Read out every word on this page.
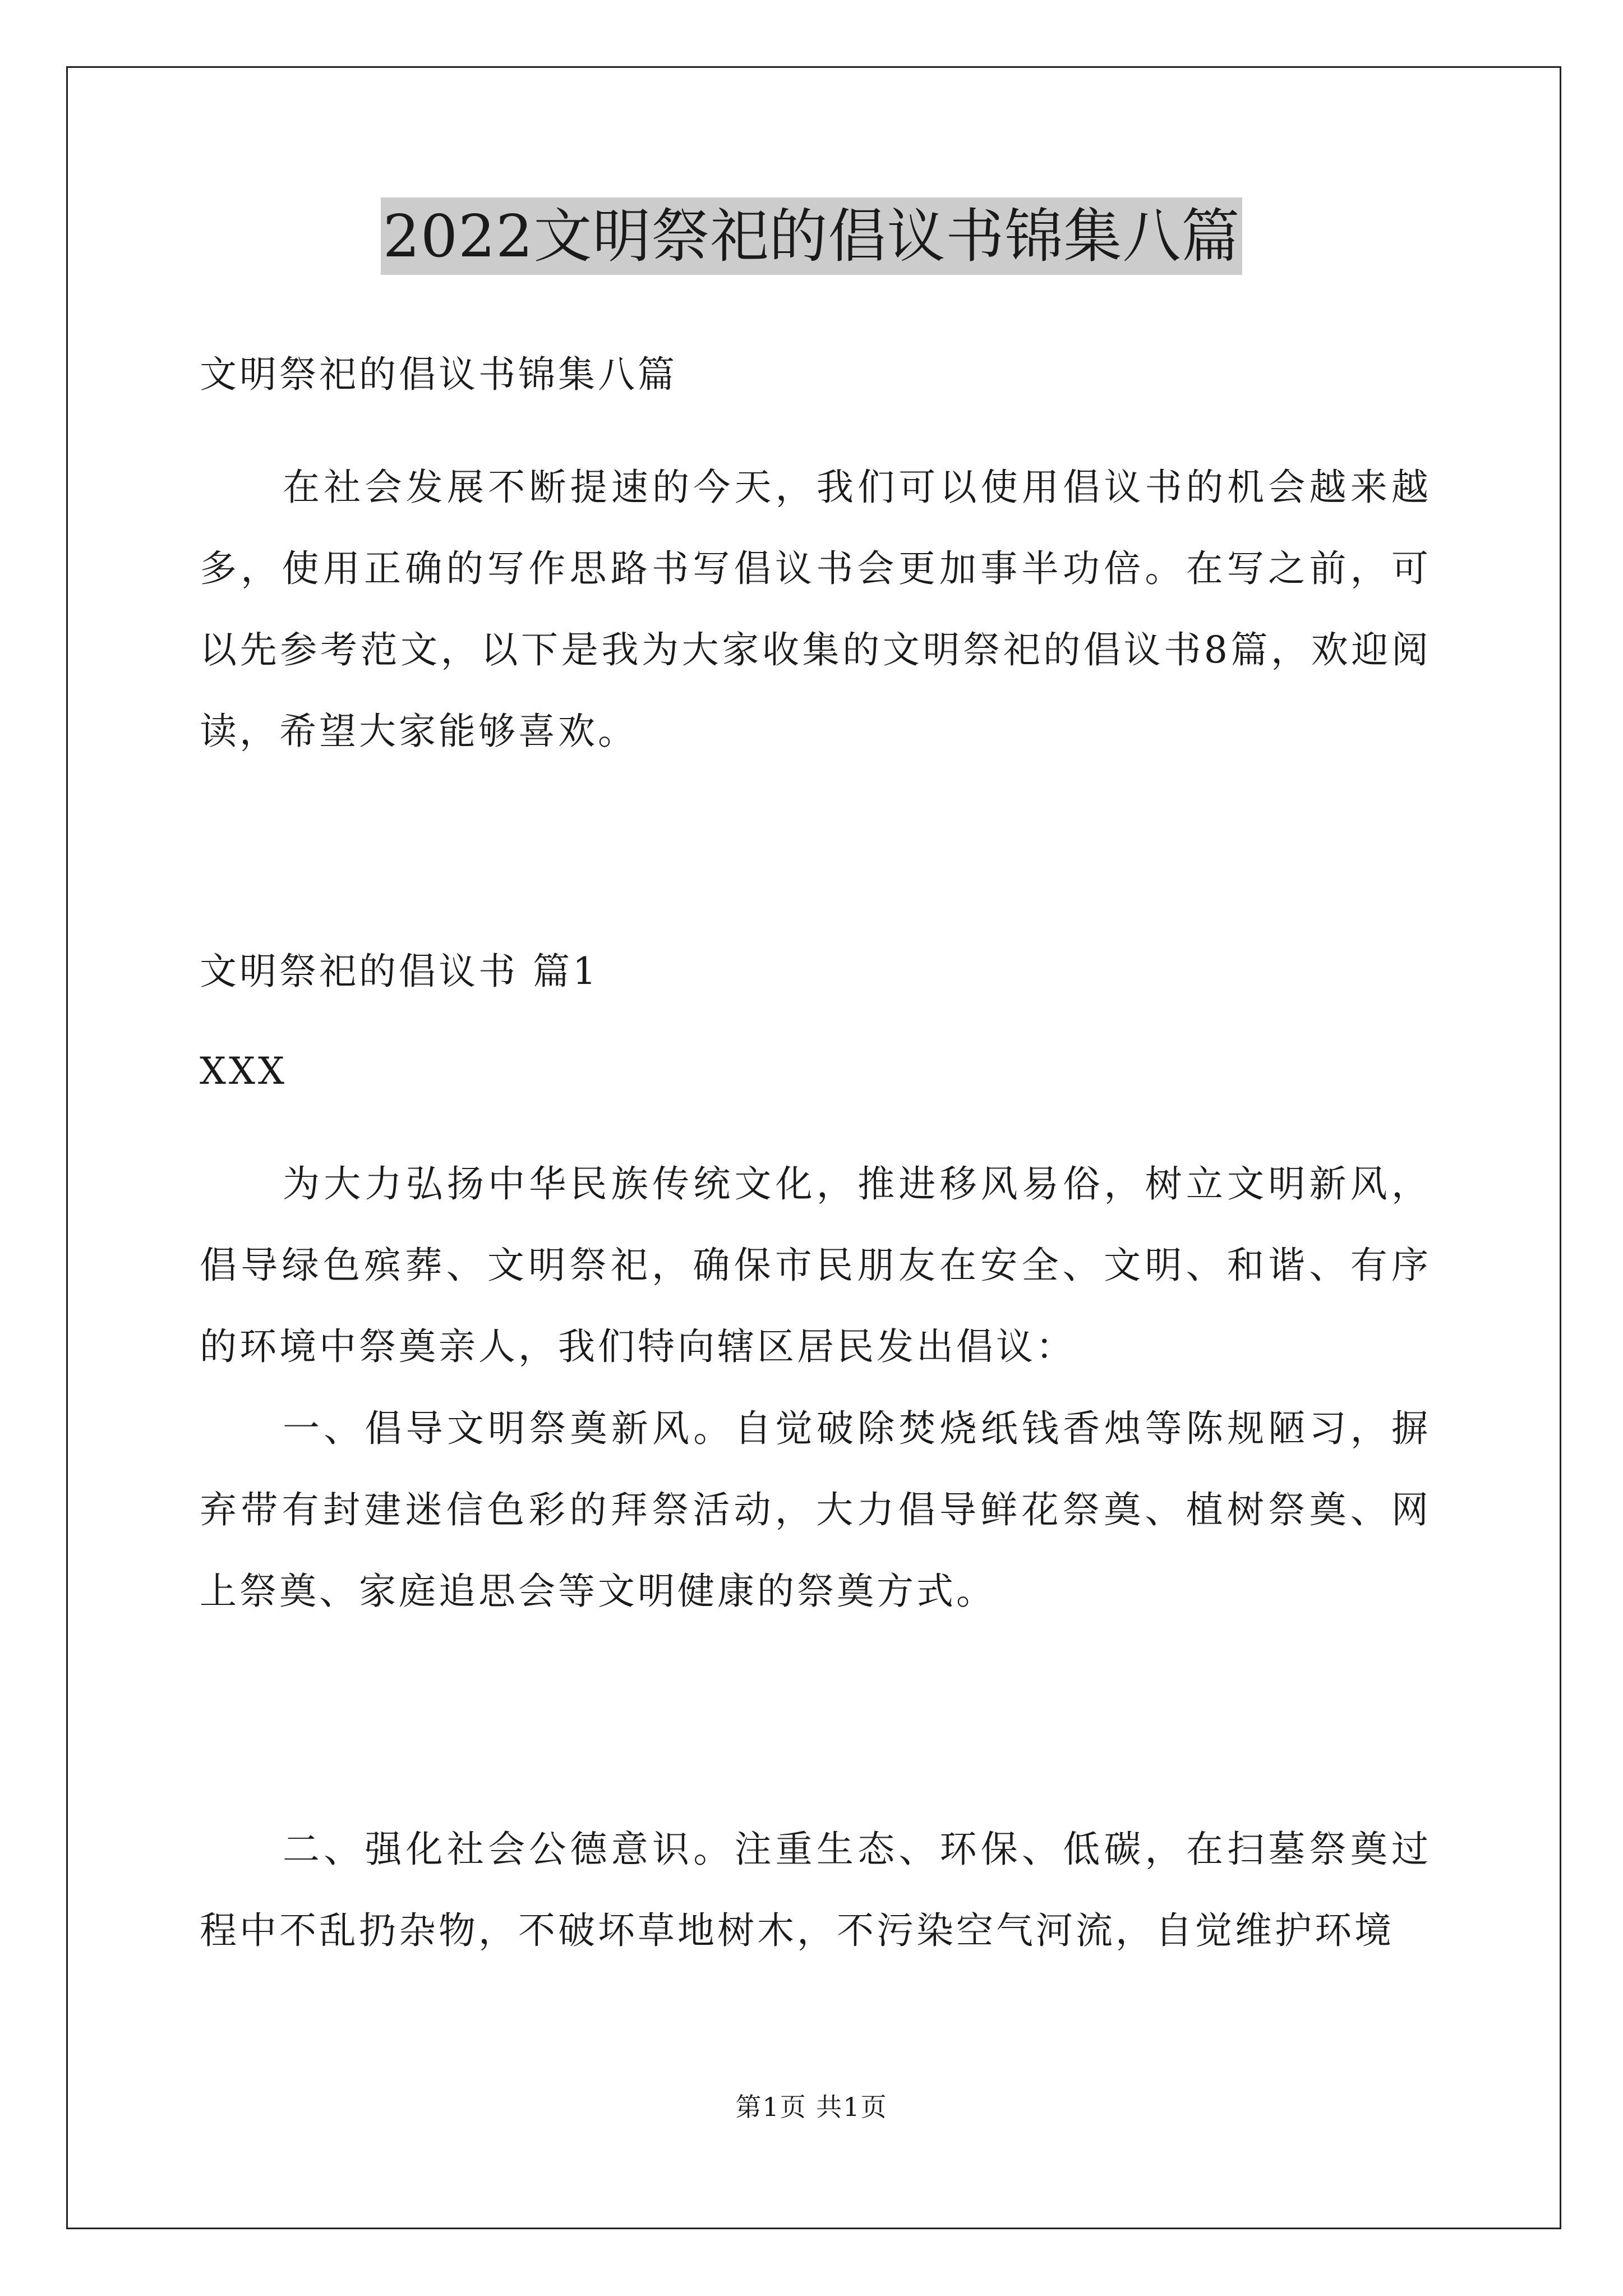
2022文明祭祀的倡议书锦集八篇
文明祭祀的倡议书锦集八篇
在社会发展不断提速的今天，我们可以使用倡议书的机会越来越多，使用正确的写作思路书写倡议书会更加事半功倍。在写之前，可以先参考范文，以下是我为大家收集的文明祭祀的倡议书8篇，欢迎阅读，希望大家能够喜欢。
文明祭祀的倡议书 篇1
XXX
为大力弘扬中华民族传统文化，推进移风易俗，树立文明新风，倡导绿色殡葬、文明祭祀，确保市民朋友在安全、文明、和谐、有序的环境中祭奠亲人，我们特向辖区居民发出倡议：
一、倡导文明祭奠新风。自觉破除焚烧纸钱香烛等陈规陋习，摒弃带有封建迷信色彩的拜祭活动，大力倡导鲜花祭奠、植树祭奠、网上祭奠、家庭追思会等文明健康的祭奠方式。
二、强化社会公德意识。注重生态、环保、低碳，在扫墓祭奠过程中不乱扔杂物，不破坏草地树木，不污染空气河流，自觉维护环境
第1页 共1页
